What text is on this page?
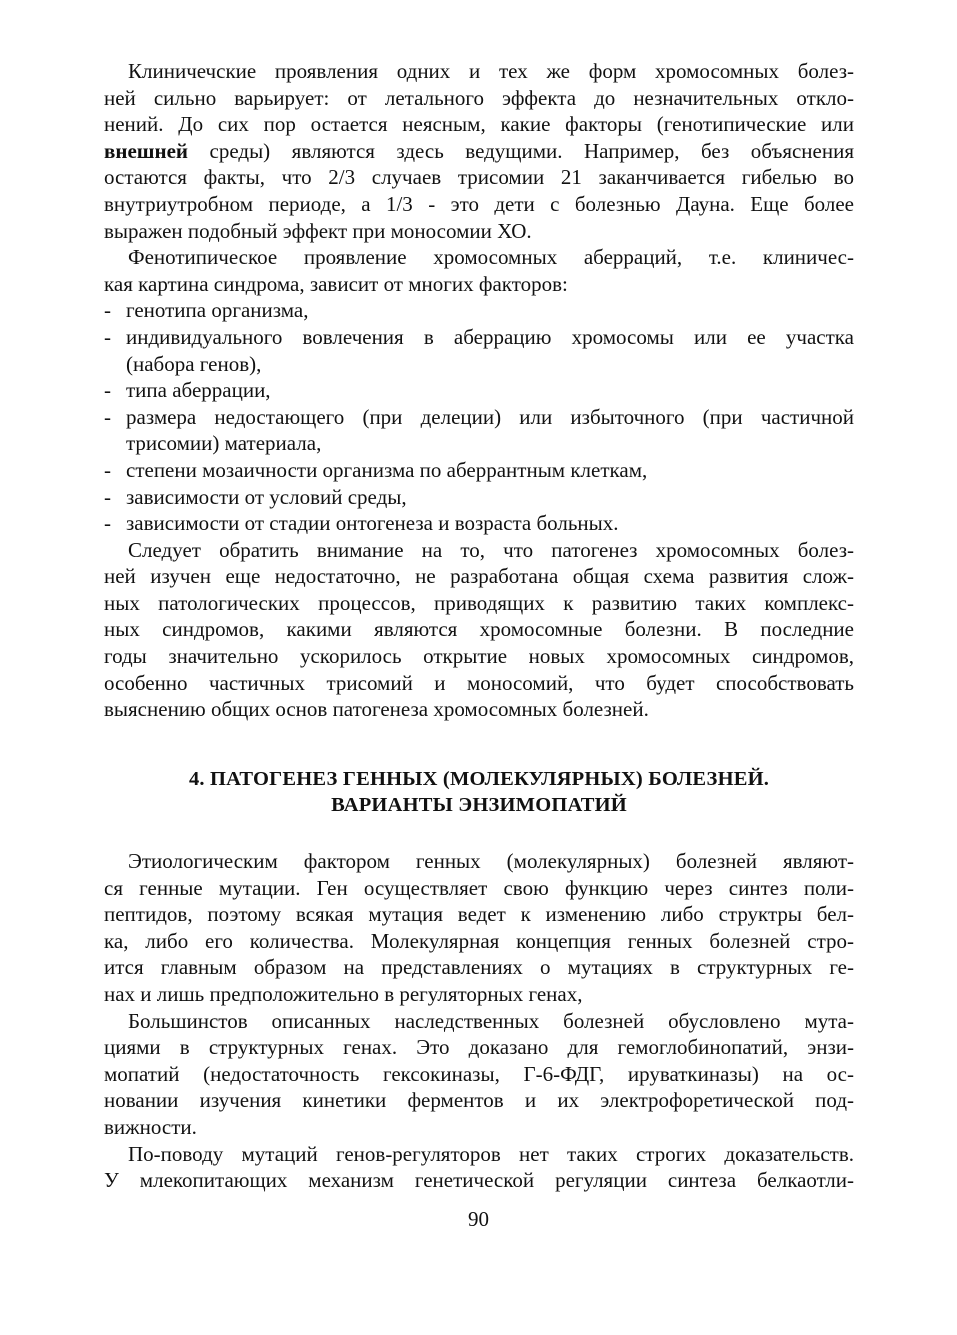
Клиничечские проявления одних и тех же форм хромосомных болез-
ней сильно варьирует: от летального эффекта до незначительных откло-
нений. До сих пор остается неясным, какие факторы (генотипические или
внешней среды) являются здесь ведущими. Например, без объяснения
остаются факты, что 2/3 случаев трисомии 21 заканчивается гибелью во
внутриутробном периоде, а 1/3 - это дети с болезнью Дауна. Еще более
выражен подобный эффект при моносомии ХО.
Фенотипическое проявление хромосомных аберраций, т.е. клиничес-
кая картина синдрома, зависит от многих факторов:
- генотипа организма,
- индивидуального вовлечения в аберрацию хромосомы или ее участка
(набора генов),
- типа аберрации,
- размера недостающего (при делеции) или избыточного (при частичной
трисомии) материала,
- степени мозаичности организма по аберрантным клеткам,
- зависимости от условий среды,
- зависимости от стадии онтогенеза и возраста больных.
Следует обратить внимание на то, что патогенез хромосомных болез-
ней изучен еще недостаточно, не разработана общая схема развития слож-
ных патологических процессов, приводящих к развитию таких комплекс-
ных синдромов, какими являются хромосомные болезни. В последние
годы значительно ускорилось открытие новых хромосомных синдромов,
особенно частичных трисомий и моносомий, что будет способствовать
выяснению общих основ патогенеза хромосомных болезней.
4. ПАТОГЕНЕЗ ГЕННЫХ (МОЛЕКУЛЯРНЫХ) БОЛЕЗНЕЙ.
ВАРИАНТЫ ЭНЗИМОПАТИЙ
Этиологическим фактором генных (молекулярных) болезней являют-
ся генные мутации. Ген осуществляет свою функцию через синтез поли-
пептидов, поэтому всякая мутация ведет к изменению либо структры бел-
ка, либо его количества. Молекулярная концепция генных болезней стро-
ится главным образом на представлениях о мутациях в структурных ге-
нах и лишь предположительно в регуляторных генах,
Большинстов описанных наследственных болезней обусловлено мута-
циями в структурных генах. Это доказано для гемоглобинопатий, энзи-
мопатий (недостаточность гексокиназы, Г-6-ФДГ, ируваткиназы) на ос-
новании изучения кинетики ферментов и их электрофоретической под-
вижности.
По-поводу мутаций генов-регуляторов нет таких строгих доказательств.
У млекопитающих механизм генетической регуляции синтеза белкаотли-
90
